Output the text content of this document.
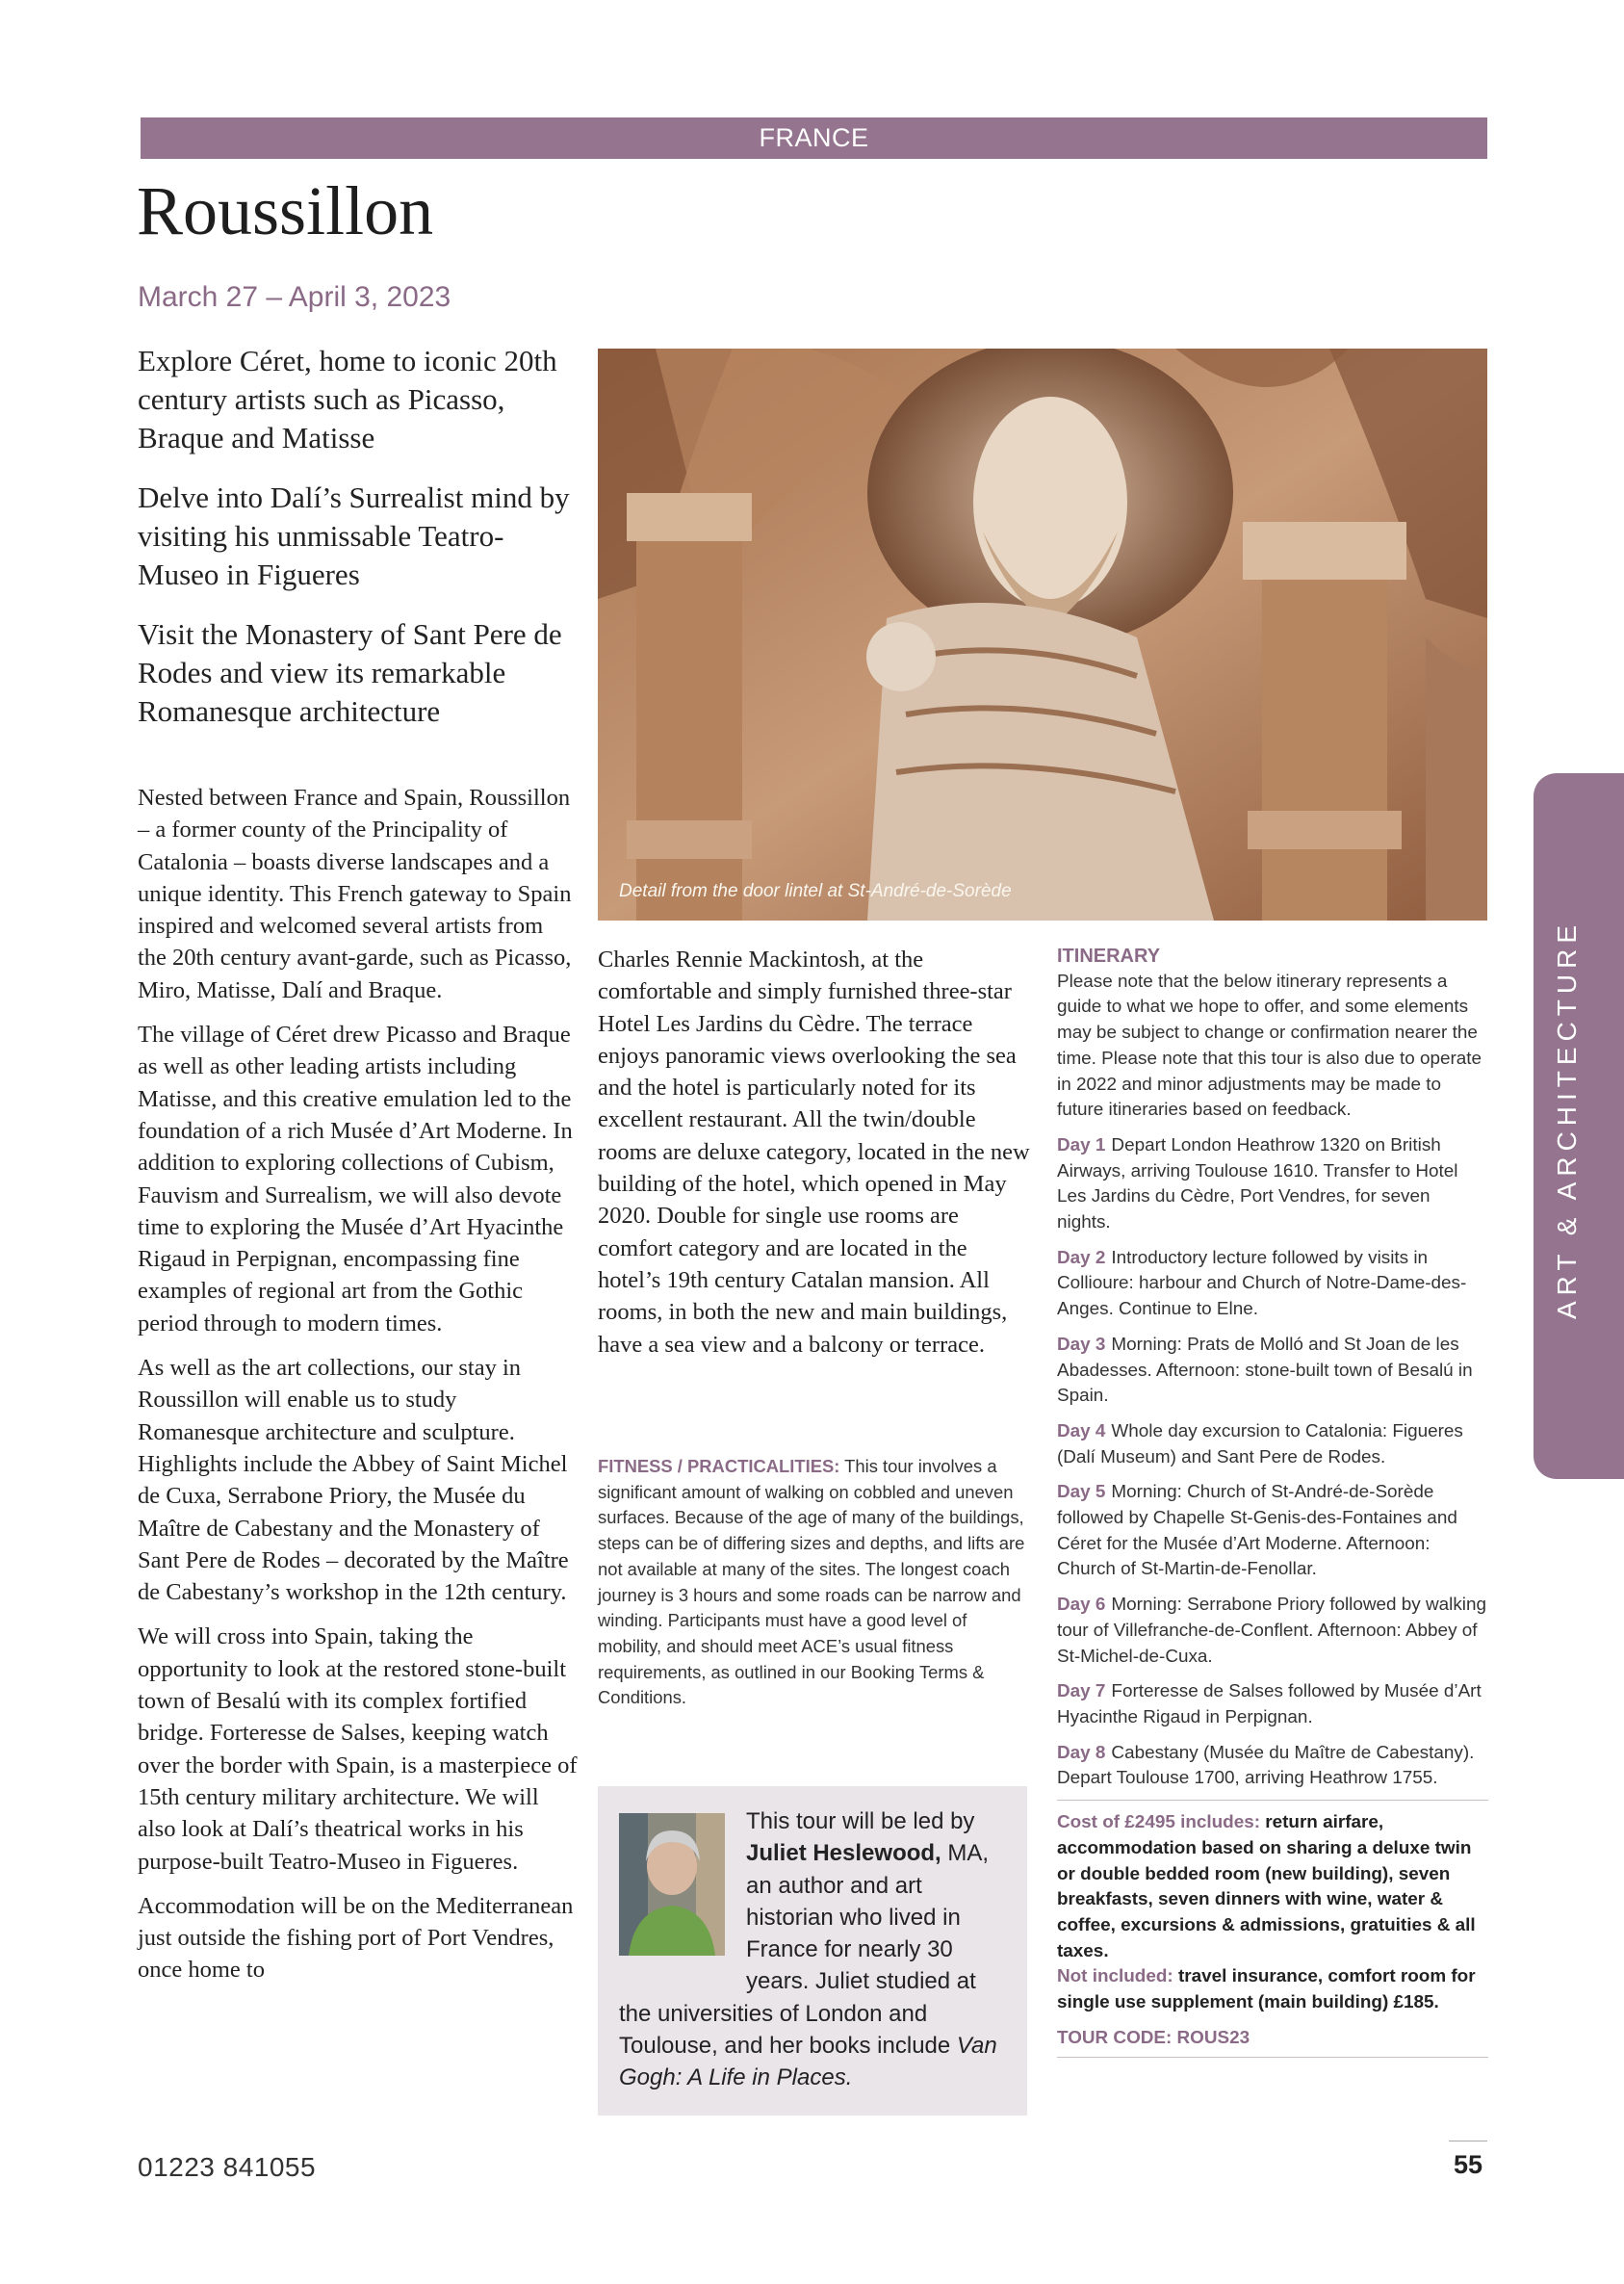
FRANCE
Roussillon
March 27 – April 3, 2023

Explore Céret, home to iconic 20th century artists such as Picasso, Braque and Matisse

Delve into Dalí’s Surrealist mind by visiting his unmissable Teatro-Museo in Figueres

Visit the Monastery of Sant Pere de Rodes and view its remarkable Romanesque architecture

Nested between France and Spain, Roussillon – a former county of the Principality of Catalonia – boasts diverse landscapes and a unique identity. This French gateway to Spain inspired and welcomed several artists from the 20th century avant-garde, such as Picasso, Miro, Matisse, Dalí and Braque.

The village of Céret drew Picasso and Braque as well as other leading artists including Matisse, and this creative emulation led to the foundation of a rich Musée d’Art Moderne. In addition to exploring collections of Cubism, Fauvism and Surrealism, we will also devote time to exploring the Musée d’Art Hyacinthe Rigaud in Perpignan, encompassing fine examples of regional art from the Gothic period through to modern times.

As well as the art collections, our stay in Roussillon will enable us to study Romanesque architecture and sculpture. Highlights include the Abbey of Saint Michel de Cuxa, Serrabone Priory, the Musée du Maître de Cabestany and the Monastery of Sant Pere de Rodes – decorated by the Maître de Cabestany’s workshop in the 12th century.

We will cross into Spain, taking the opportunity to look at the restored stone-built town of Besalú with its complex fortified bridge. Forteresse de Salses, keeping watch over the border with Spain, is a masterpiece of 15th century military architecture. We will also look at Dalí’s theatrical works in his purpose-built Teatro-Museo in Figueres.

Accommodation will be on the Mediterranean just outside the fishing port of Port Vendres, once home to

Detail from the door lintel at St-André-de-Sorède
Charles Rennie Mackintosh, at the comfortable and simply furnished three-star Hotel Les Jardins du Cèdre. The terrace enjoys panoramic views overlooking the sea and the hotel is particularly noted for its excellent restaurant. All the twin/double rooms are deluxe category, located in the new building of the hotel, which opened in May 2020. Double for single use rooms are comfort category and are located in the hotel’s 19th century Catalan mansion. All rooms, in both the new and main buildings, have a sea view and a balcony or terrace.
FITNESS / PRACTICALITIES: This tour involves a significant amount of walking on cobbled and uneven surfaces. Because of the age of many of the buildings, steps can be of differing sizes and depths, and lifts are not available at many of the sites. The longest coach journey is 3 hours and some roads can be narrow and winding. Participants must have a good level of mobility, and should meet ACE’s usual fitness requirements, as outlined in our Booking Terms & Conditions.
This tour will be led by Juliet Heslewood, MA, an author and art historian who lived in France for nearly 30 years. Juliet studied at the universities of London and Toulouse, and her books include Van Gogh: A Life in Places.
ITINERARY
Please note that the below itinerary represents a guide to what we hope to offer, and some elements may be subject to change or confirmation nearer the time. Please note that this tour is also due to operate in 2022 and minor adjustments may be made to future itineraries based on feedback.
Day 1 Depart London Heathrow 1320 on British Airways, arriving Toulouse 1610. Transfer to Hotel Les Jardins du Cèdre, Port Vendres, for seven nights.
Day 2 Introductory lecture followed by visits in Collioure: harbour and Church of Notre-Dame-des-Anges. Continue to Elne.
Day 3 Morning: Prats de Molló and St Joan de les Abadesses. Afternoon: stone-built town of Besalú in Spain.
Day 4 Whole day excursion to Catalonia: Figueres (Dalí Museum) and Sant Pere de Rodes.
Day 5 Morning: Church of St-André-de-Sorède followed by Chapelle St-Genis-des-Fontaines and Céret for the Musée d’Art Moderne. Afternoon: Church of St-Martin-de-Fenollar.
Day 6 Morning: Serrabone Priory followed by walking tour of Villefranche-de-Conflent. Afternoon: Abbey of St-Michel-de-Cuxa.
Day 7 Forteresse de Salses followed by Musée d’Art Hyacinthe Rigaud in Perpignan.
Day 8 Cabestany (Musée du Maître de Cabestany). Depart Toulouse 1700, arriving Heathrow 1755.
Cost of £2495 includes: return airfare, accommodation based on sharing a deluxe twin or double bedded room (new building), seven breakfasts, seven dinners with wine, water & coffee, excursions & admissions, gratuities & all taxes.
Not included: travel insurance, comfort room for single use supplement (main building) £185.
TOUR CODE: ROUS23
ART & ARCHITECTURE
01223 841055	55
